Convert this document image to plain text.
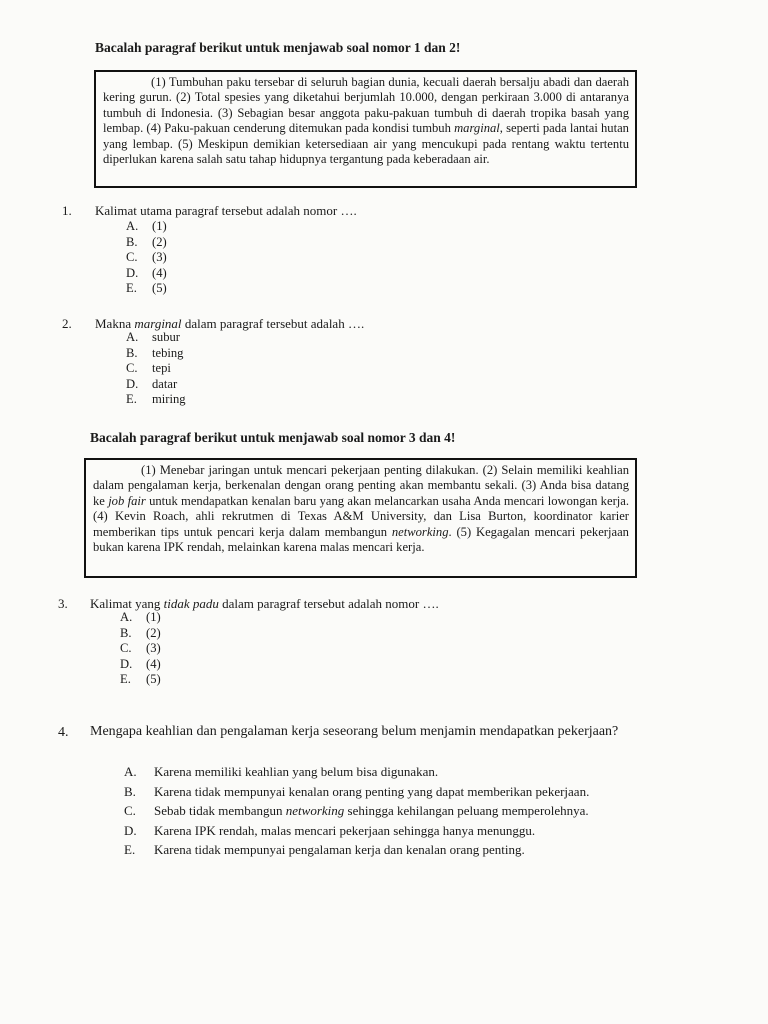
Bacalah paragraf berikut untuk menjawab soal nomor 1 dan 2!

(1) Tumbuhan paku tersebar di seluruh bagian dunia, kecuali daerah bersalju abadi dan daerah kering gurun. (2) Total spesies yang diketahui berjumlah 10.000, dengan perkiraan 3.000 di antaranya tumbuh di Indonesia. (3) Sebagian besar anggota paku-pakuan tumbuh di daerah tropika basah yang lembap. (4) Paku-pakuan cenderung ditemukan pada kondisi tumbuh marginal, seperti pada lantai hutan yang lembap. (5) Meskipun demikian ketersediaan air yang mencukupi pada rentang waktu tertentu diperlukan karena salah satu tahap hidupnya tergantung pada keberadaan air.

1. Kalimat utama paragraf tersebut adalah nomor ….
A. (1)
B. (2)
C. (3)
D. (4)
E. (5)
2. Makna marginal dalam paragraf tersebut adalah ….
A. subur
B. tebing
C. tepi
D. datar
E. miring
Bacalah paragraf berikut untuk menjawab soal nomor 3 dan 4!

(1) Menebar jaringan untuk mencari pekerjaan penting dilakukan. (2) Selain memiliki keahlian dalam pengalaman kerja, berkenalan dengan orang penting akan membantu sekali. (3) Anda bisa datang ke job fair untuk mendapatkan kenalan baru yang akan melancarkan usaha Anda mencari lowongan kerja. (4) Kevin Roach, ahli rekrutmen di Texas A&M University, dan Lisa Burton, koordinator karier memberikan tips untuk pencari kerja dalam membangun networking. (5) Kegagalan mencari pekerjaan bukan karena IPK rendah, melainkan karena malas mencari kerja.

3. Kalimat yang tidak padu dalam paragraf tersebut adalah nomor ….
A. (1)
B. (2)
C. (3)
D. (4)
E. (5)
4. Mengapa keahlian dan pengalaman kerja seseorang belum menjamin mendapatkan pekerjaan?
A. Karena memiliki keahlian yang belum bisa digunakan.
B. Karena tidak mempunyai kenalan orang penting yang dapat memberikan pekerjaan.
C. Sebab tidak membangun networking sehingga kehilangan peluang memperolehnya.
D. Karena IPK rendah, malas mencari pekerjaan sehingga hanya menunggu.
E. Karena tidak mempunyai pengalaman kerja dan kenalan orang penting.
